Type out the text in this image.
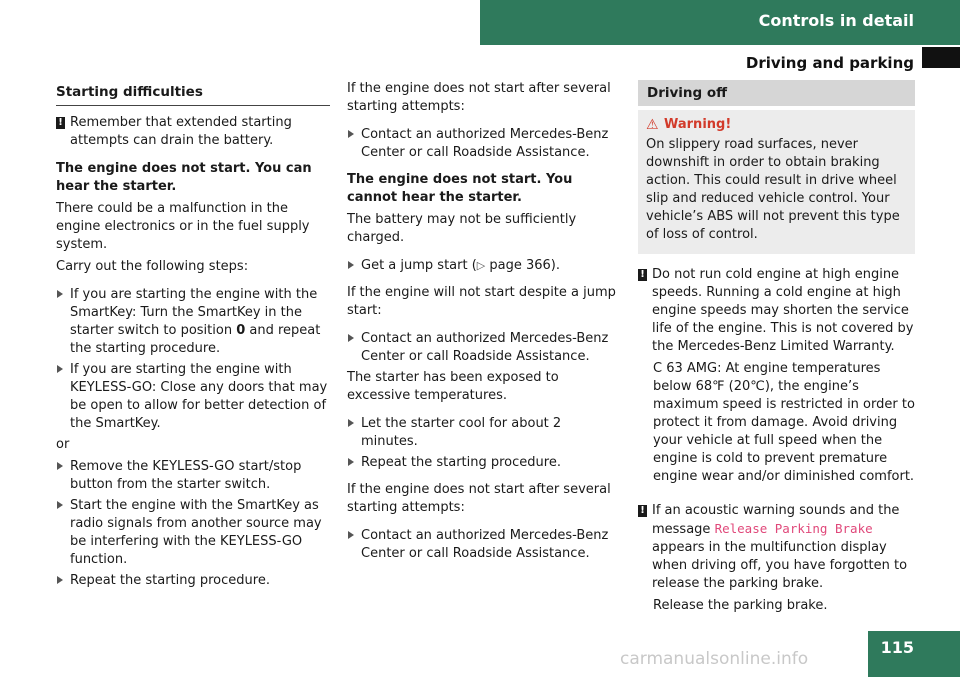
Controls in detail
Driving and parking
Starting difficulties
! Remember that extended starting attempts can drain the battery.

The engine does not start. You can hear the starter.

There could be a malfunction in the engine electronics or in the fuel supply system.

Carry out the following steps:

If you are starting the engine with the SmartKey: Turn the SmartKey in the starter switch to position 0 and repeat the starting procedure.
If you are starting the engine with KEYLESS-GO: Close any doors that may be open to allow for better detection of the SmartKey.

or

Remove the KEYLESS-GO start/stop button from the starter switch.
Start the engine with the SmartKey as radio signals from another source may be interfering with the KEYLESS-GO function.
Repeat the starting procedure.

If the engine does not start after several starting attempts:

Contact an authorized Mercedes-Benz Center or call Roadside Assistance.

The engine does not start. You cannot hear the starter.

The battery may not be sufficiently charged.

Get a jump start (▷ page 366).

If the engine will not start despite a jump start:

Contact an authorized Mercedes-Benz Center or call Roadside Assistance.

The starter has been exposed to excessive temperatures.

Let the starter cool for about 2 minutes.
Repeat the starting procedure.

If the engine does not start after several starting attempts:

Contact an authorized Mercedes-Benz Center or call Roadside Assistance.
Driving off
⚠ Warning!

On slippery road surfaces, never downshift in order to obtain braking action. This could result in drive wheel slip and reduced vehicle control. Your vehicle’s ABS will not prevent this type of loss of control.

! Do not run cold engine at high engine speeds. Running a cold engine at high engine speeds may shorten the service life of the engine. This is not covered by the Mercedes-Benz Limited Warranty.

C 63 AMG: At engine temperatures below 68℉ (20℃), the engine’s maximum speed is restricted in order to protect it from damage. Avoid driving your vehicle at full speed when the engine is cold to prevent premature engine wear and/or diminished comfort.

! If an acoustic warning sounds and the message Release Parking Brake appears in the multifunction display when driving off, you have forgotten to release the parking brake.

Release the parking brake.

carmanualsonline.info
115
